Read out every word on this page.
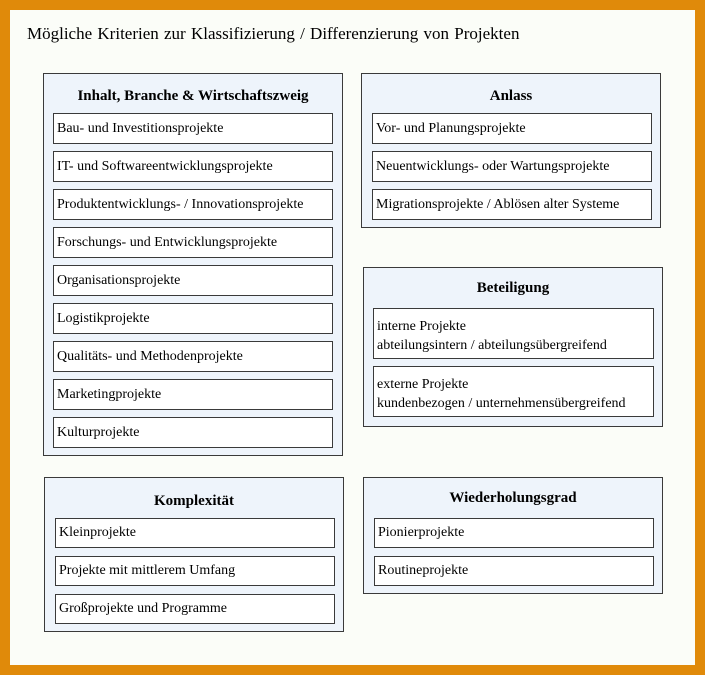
Mögliche Kriterien zur Klassifizierung / Differenzierung von Projekten
Inhalt, Branche & Wirtschaftszweig
Bau- und Investitionsprojekte
IT- und Softwareentwicklungsprojekte
Produktentwicklungs- / Innovationsprojekte
Forschungs- und Entwicklungsprojekte
Organisationsprojekte
Logistikprojekte
Qualitäts- und Methodenprojekte
Marketingprojekte
Kulturprojekte
Anlass
Vor- und Planungsprojekte
Neuentwicklungs- oder Wartungsprojekte
Migrationsprojekte / Ablösen alter Systeme
Beteiligung
interne Projekte
abteilungsintern / abteilungsübergreifend
externe Projekte
kundenbezogen / unternehmensübergreifend
Komplexität
Kleinprojekte
Projekte mit mittlerem Umfang
Großprojekte und Programme
Wiederholungsgrad
Pionierprojekte
Routineprojekte
